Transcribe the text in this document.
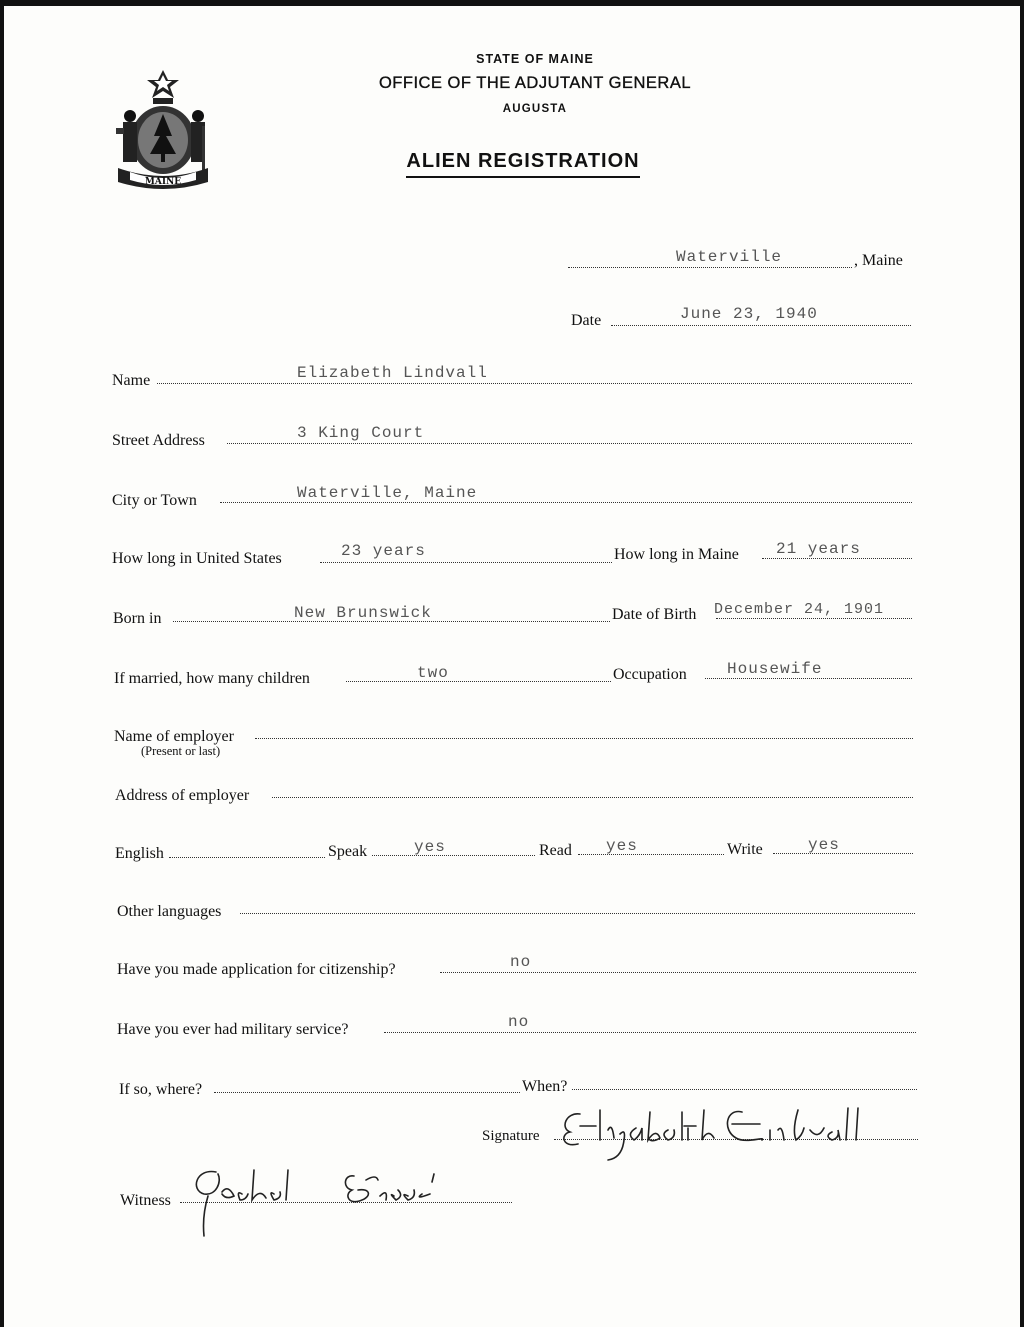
MAINE
STATE OF MAINE
OFFICE OF THE ADJUTANT GENERAL
AUGUSTA
ALIEN REGISTRATION
Waterville	, Maine
Date	June 23, 1940
Name	Elizabeth Lindvall
Street Address	3 King Court
City or Town	Waterville, Maine
How long in United States	23 years	How long in Maine 21 years
Born in	New Brunswick	Date of Birth December 24, 1901
If married, how many children	two	Occupation	Housewife
Name of employer
(Present or last)
Address of employer
English	Speak	yes	Read yes	Write	yes
Other languages
Have you made application for citizenship?	no
Have you ever had military service?	no
If so, where?	When?
Signature
Witness
